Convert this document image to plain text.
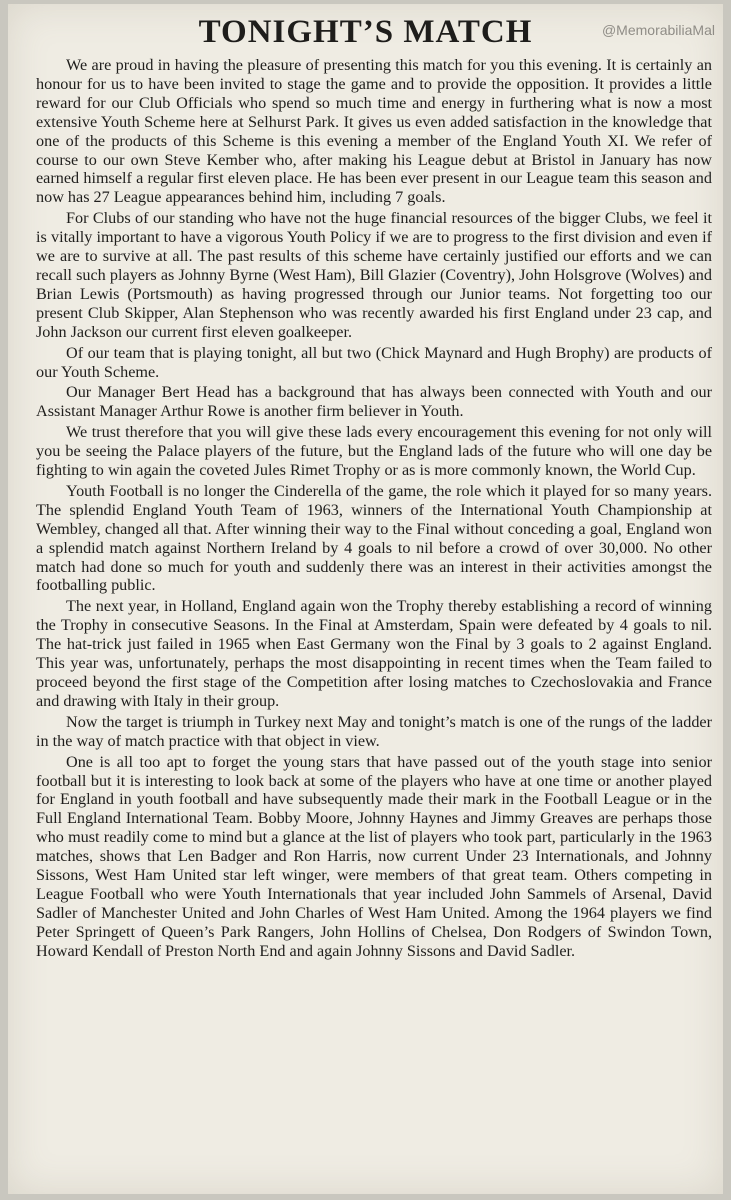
TONIGHT’S MATCH	@MemorabiliaMal

We are proud in having the pleasure of presenting this match for you this evening. It is certainly an honour for us to have been invited to stage the game and to provide the opposition. It provides a little reward for our Club Officials who spend so much time and energy in furthering what is now a most extensive Youth Scheme here at Selhurst Park. It gives us even added satisfaction in the knowledge that one of the products of this Scheme is this evening a member of the England Youth XI. We refer of course to our own Steve Kember who, after making his League debut at Bristol in January has now earned himself a regular first eleven place. He has been ever present in our League team this season and now has 27 League appearances behind him, including 7 goals.

For Clubs of our standing who have not the huge financial resources of the bigger Clubs, we feel it is vitally important to have a vigorous Youth Policy if we are to progress to the first division and even if we are to survive at all. The past results of this scheme have certainly justified our efforts and we can recall such players as Johnny Byrne (West Ham), Bill Glazier (Coventry), John Holsgrove (Wolves) and Brian Lewis (Portsmouth) as having progressed through our Junior teams. Not forgetting too our present Club Skipper, Alan Stephenson who was recently awarded his first England under 23 cap, and John Jackson our current first eleven goalkeeper.

Of our team that is playing tonight, all but two (Chick Maynard and Hugh Brophy) are products of our Youth Scheme.

Our Manager Bert Head has a background that has always been connected with Youth and our Assistant Manager Arthur Rowe is another firm believer in Youth.

We trust therefore that you will give these lads every encouragement this evening for not only will you be seeing the Palace players of the future, but the England lads of the future who will one day be fighting to win again the coveted Jules Rimet Trophy or as is more commonly known, the World Cup.

Youth Football is no longer the Cinderella of the game, the role which it played for so many years. The splendid England Youth Team of 1963, winners of the International Youth Championship at Wembley, changed all that. After winning their way to the Final without conceding a goal, England won a splendid match against Northern Ireland by 4 goals to nil before a crowd of over 30,000. No other match had done so much for youth and suddenly there was an interest in their activities amongst the footballing public.

The next year, in Holland, England again won the Trophy thereby establishing a record of winning the Trophy in consecutive Seasons. In the Final at Amsterdam, Spain were defeated by 4 goals to nil. The hat-trick just failed in 1965 when East Germany won the Final by 3 goals to 2 against England. This year was, unfortunately, perhaps the most disappointing in recent times when the Team failed to proceed beyond the first stage of the Competition after losing matches to Czechoslovakia and France and drawing with Italy in their group.

Now the target is triumph in Turkey next May and tonight’s match is one of the rungs of the ladder in the way of match practice with that object in view.

One is all too apt to forget the young stars that have passed out of the youth stage into senior football but it is interesting to look back at some of the players who have at one time or another played for England in youth football and have subsequently made their mark in the Football League or in the Full England International Team. Bobby Moore, Johnny Haynes and Jimmy Greaves are perhaps those who must readily come to mind but a glance at the list of players who took part, particularly in the 1963 matches, shows that Len Badger and Ron Harris, now current Under 23 Internationals, and Johnny Sissons, West Ham United star left winger, were members of that great team. Others competing in League Football who were Youth Internationals that year included John Sammels of Arsenal, David Sadler of Manchester United and John Charles of West Ham United. Among the 1964 players we find Peter Springett of Queen’s Park Rangers, John Hollins of Chelsea, Don Rodgers of Swindon Town, Howard Kendall of Preston North End and again Johnny Sissons and David Sadler.
